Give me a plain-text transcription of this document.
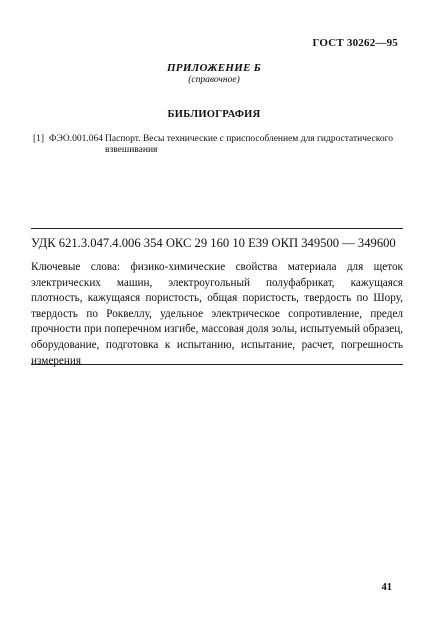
ГОСТ 30262—95
ПРИЛОЖЕНИЕ Б
(справочное)
БИБЛИОГРАФИЯ
[1] ФЭО.001.064 Паспорт. Весы технические с приспособлением для гидростатического взвешивания
УДК 621.3.047.4.006 354 ОКС 29 160 10 Е39 ОКП 349500 — 349600
Ключевые слова: физико-химические свойства материала для щеток электрических машин, электроугольный полуфабрикат, кажущаяся плотность, кажущаяся пористость, общая пористость, твердость по Шору, твердость по Роквеллу, удельное электрическое сопротивление, предел прочности при поперечном изгибе, массовая доля золы, испытуемый образец, оборудование, подготовка к испытанию, испытание, расчет, погрешность измерения
41
